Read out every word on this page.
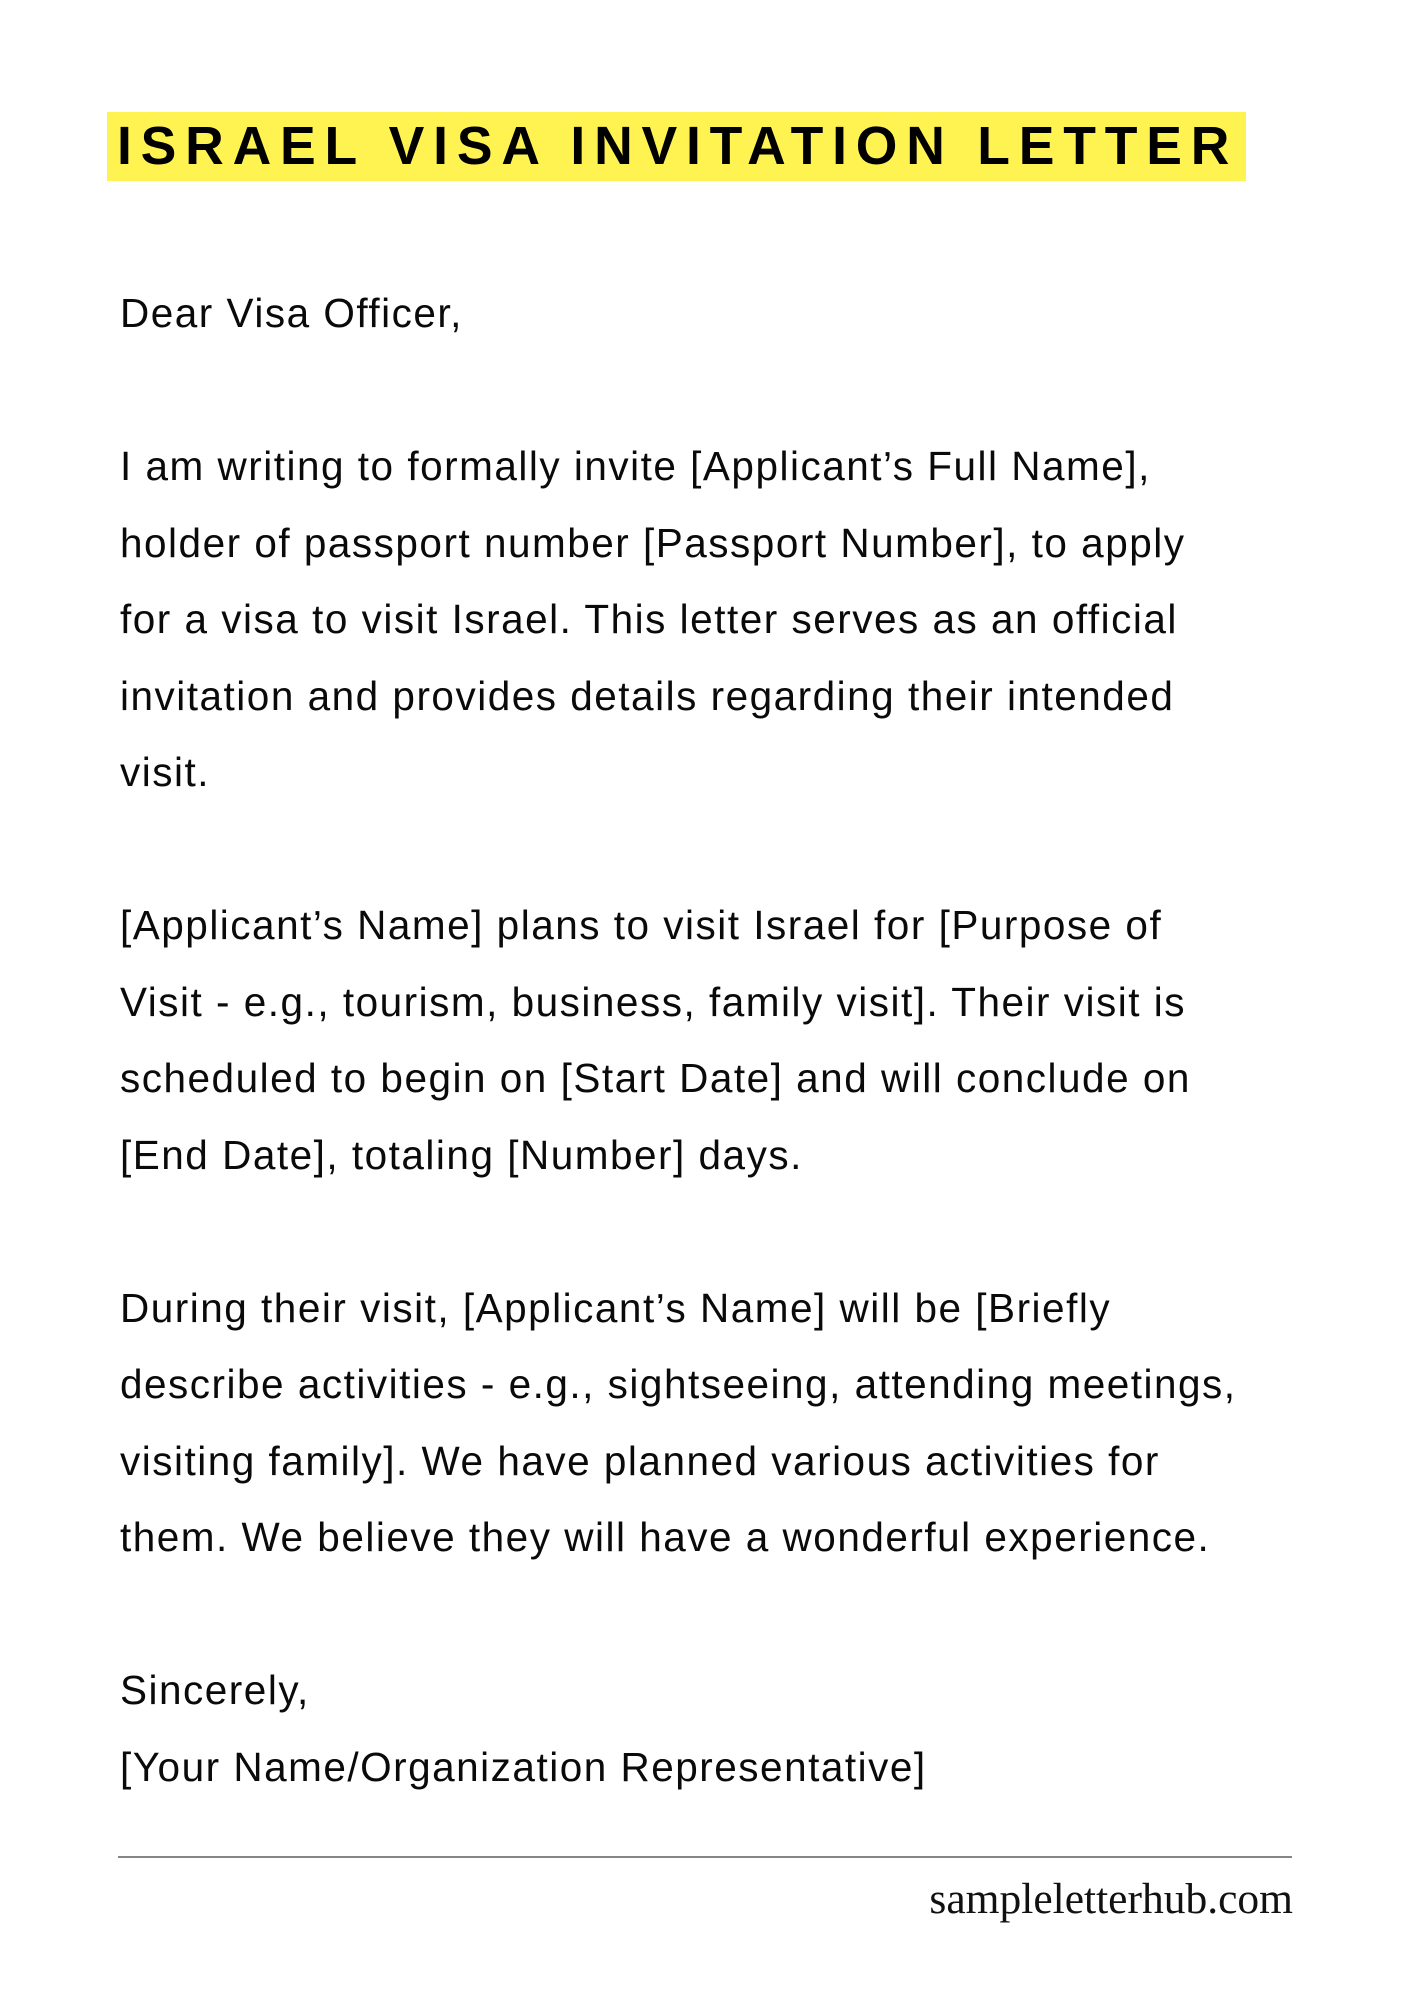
ISRAEL VISA INVITATION LETTER
Dear Visa Officer,
I am writing to formally invite [Applicant’s Full Name],
holder of passport number [Passport Number], to apply
for a visa to visit Israel. This letter serves as an official
invitation and provides details regarding their intended
visit.
[Applicant’s Name] plans to visit Israel for [Purpose of
Visit - e.g., tourism, business, family visit]. Their visit is
scheduled to begin on [Start Date] and will conclude on
[End Date], totaling [Number] days.
During their visit, [Applicant’s Name] will be [Briefly
describe activities - e.g., sightseeing, attending meetings,
visiting family]. We have planned various activities for
them. We believe they will have a wonderful experience.
Sincerely,
[Your Name/Organization Representative]
sampleletterhub.com
